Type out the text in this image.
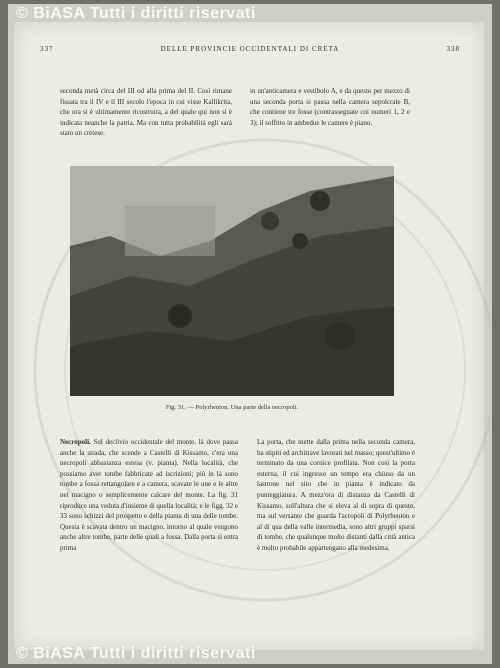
© BiASA Tutti i diritti riservati
337	DELLE PROVINCIE OCCIDENTALI DI CRETA	338

seconda metà circa del III od alla prima del II. Così rimane fissata tra il IV e il III secolo l'epoca in cui visse Kallikrita, che ora si è ultimamente ricostruita, a del quale qui non si è indicata neanche la patria. Ma con tutta probabilità egli sarà stato un cretese.

in un'anticamera e vestibolo A, e da questo per mezzo di una seconda porta si passa nella camera sepolcrale B, che contiene tre fosse (contrassegnate coi numeri 1, 2 e 3); il soffitto in ambedue le camere è piano.

Fig. 31. — Polyrhenion. Una parte della necropoli.

Necropoli. Sul declivio occidentale del monte, là dove passa anche la strada, che scende a Castelli di Kissamo, c'era una necropoli abbastanza estesa (v. pianta). Nella località, che possiamo aver tombe fabbricate ad iscrizioni; più in là sono tombe a fossa rettangolare e a camera, scavate le une e le altre nel macigno o semplicemente calcare del monte. La fig. 31 riproduce una veduta d'insieme di quella località; e le figg. 32 e 33 sono schizzi del prospetto e della pianta di una delle tombe. Questa è scavata dentro un macigno, intorno al quale vengono anche altre tombe, parte delle quali a fossa. Dalla porta si entra prima

La porta, che mette dalla prima nella seconda camera, ha stipiti ed architrave lavorati nel masso; quest'ultimo è terminato da una cornice profilata. Non così la porta esterna, il cui ingresso un tempo era chiuso da un lastrone nel sito che in pianta è indicato da punteggiatura. A mezz'ora di distanza da Castelli di Kissamo, sull'altura che si eleva al di sopra di questo, ma sul versante che guarda l'acropoli di Polyrhenion e al di qua della valle intermedia, sono altri gruppi sparsi di tombe, che qualunque molto distanti dalla città antica è molto probabile appartengano alla medesima,

© BiASA Tutti i diritti riservati
